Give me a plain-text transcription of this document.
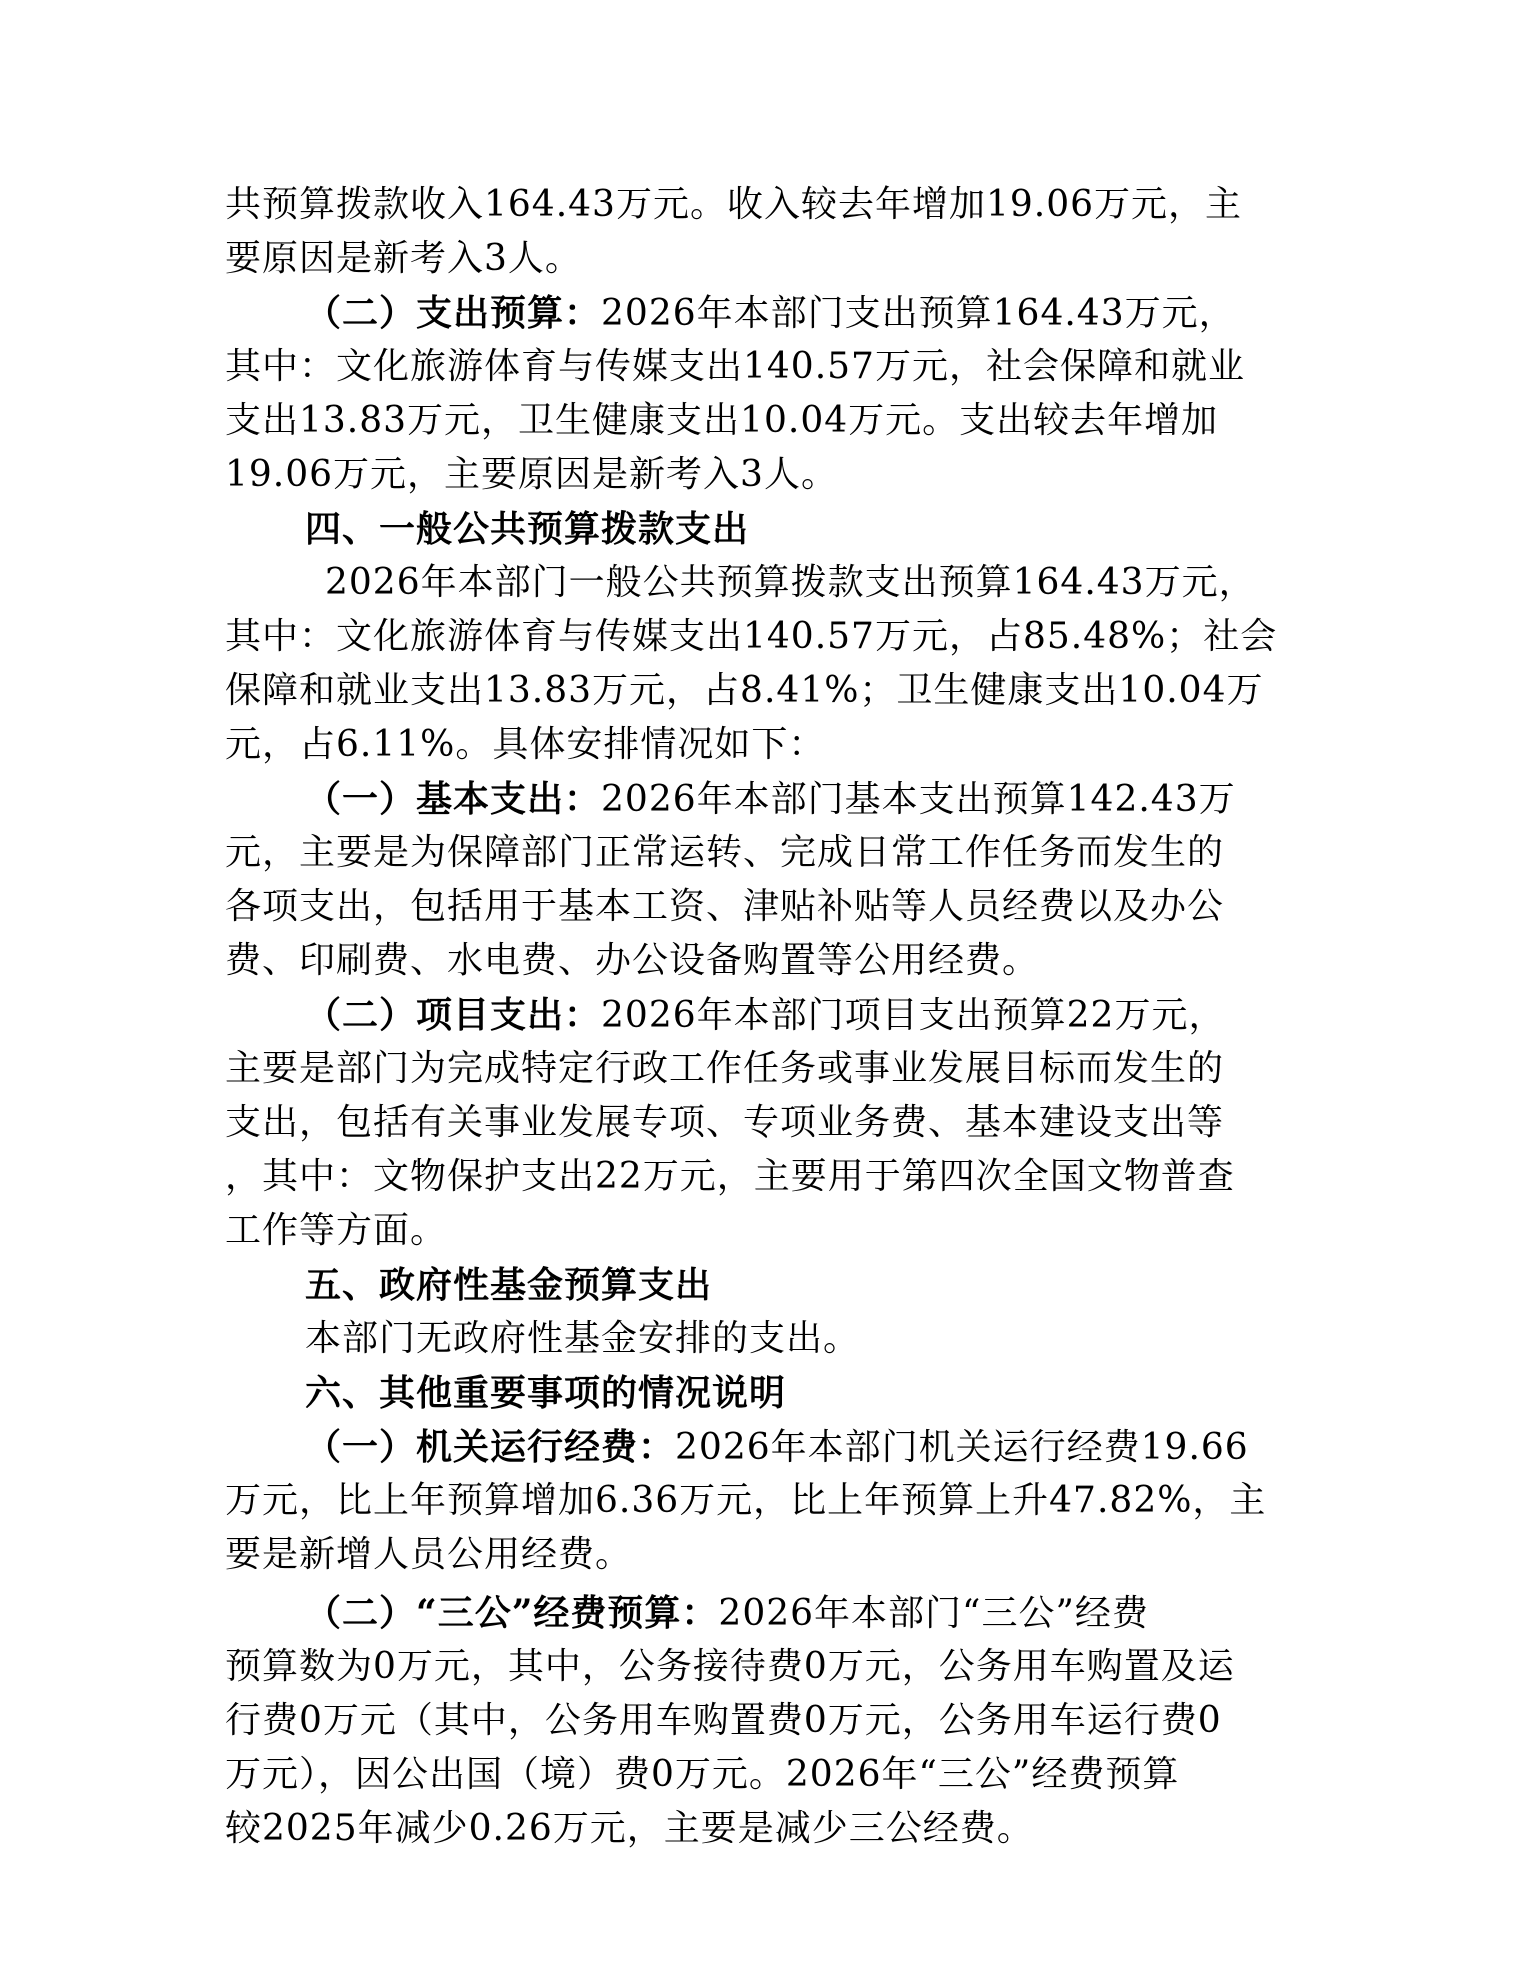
共预算拨款收入164.43万元。收入较去年增加19.06万元，主
要原因是新考入3人。
（二）支出预算：2026年本部门支出预算164.43万元，
其中：文化旅游体育与传媒支出140.57万元，社会保障和就业
支出13.83万元，卫生健康支出10.04万元。支出较去年增加
19.06万元，主要原因是新考入3人。
四、一般公共预算拨款支出
2026年本部门一般公共预算拨款支出预算164.43万元，
其中：文化旅游体育与传媒支出140.57万元，占85.48%；社会
保障和就业支出13.83万元，占8.41%；卫生健康支出10.04万
元，占6.11%。具体安排情况如下：
（一）基本支出：2026年本部门基本支出预算142.43万
元，主要是为保障部门正常运转、完成日常工作任务而发生的
各项支出，包括用于基本工资、津贴补贴等人员经费以及办公
费、印刷费、水电费、办公设备购置等公用经费。
（二）项目支出：2026年本部门项目支出预算22万元，
主要是部门为完成特定行政工作任务或事业发展目标而发生的
支出，包括有关事业发展专项、专项业务费、基本建设支出等
，其中：文物保护支出22万元，主要用于第四次全国文物普查
工作等方面。
五、政府性基金预算支出
本部门无政府性基金安排的支出。
六、其他重要事项的情况说明
（一）机关运行经费：2026年本部门机关运行经费19.66
万元，比上年预算增加6.36万元，比上年预算上升47.82%，主
要是新增人员公用经费。
（二）“三公”经费预算：2026年本部门“三公”经费
预算数为0万元，其中，公务接待费0万元，公务用车购置及运
行费0万元（其中，公务用车购置费0万元，公务用车运行费0
万元），因公出国（境）费0万元。2026年“三公”经费预算
较2025年减少0.26万元，主要是减少三公经费。
